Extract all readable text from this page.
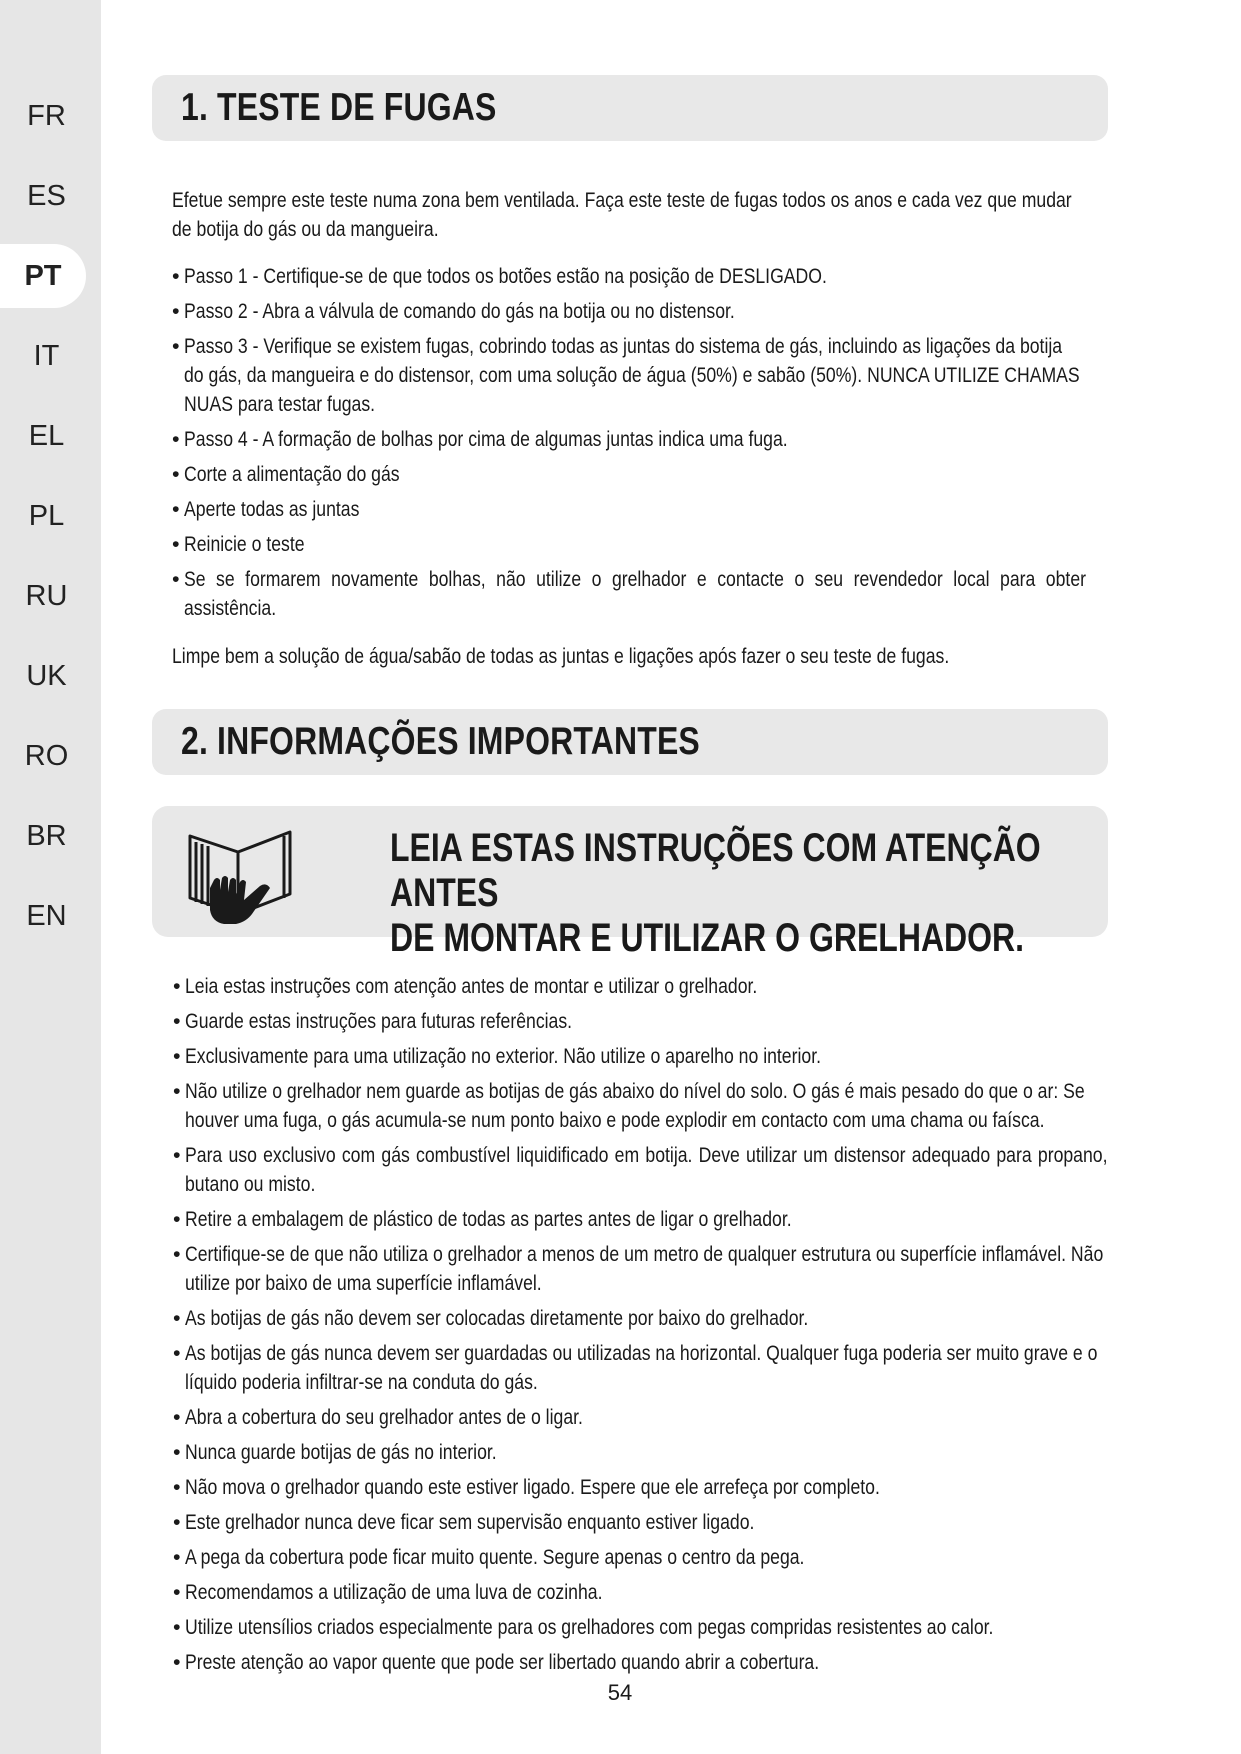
FR
ES
PT
IT
EL
PL
RU
UK
RO
BR
EN
1. TESTE DE FUGAS
Efetue sempre este teste numa zona bem ventilada. Faça este teste de fugas todos os anos e cada vez que mudar de botija do gás ou da mangueira.
• Passo 1 - Certifique-se de que todos os botões estão na posição de DESLIGADO.
• Passo 2 - Abra a válvula de comando do gás na botija ou no distensor.
• Passo 3 - Verifique se existem fugas, cobrindo todas as juntas do sistema de gás, incluindo as ligações da botija do gás, da mangueira e do distensor, com uma solução de água (50%) e sabão (50%). NUNCA UTILIZE CHAMAS NUAS para testar fugas.
• Passo 4 - A formação de bolhas por cima de algumas juntas indica uma fuga.
• Corte a alimentação do gás
• Aperte todas as juntas
• Reinicie o teste
• Se se formarem novamente bolhas, não utilize o grelhador e contacte o seu revendedor local para obter assistência.
Limpe bem a solução de água/sabão de todas as juntas e ligações após fazer o seu teste de fugas.
2. INFORMAÇÕES IMPORTANTES
LEIA ESTAS INSTRUÇÕES COM ATENÇÃO ANTES
DE MONTAR E UTILIZAR O GRELHADOR.
• Leia estas instruções com atenção antes de montar e utilizar o grelhador.
• Guarde estas instruções para futuras referências.
• Exclusivamente para uma utilização no exterior. Não utilize o aparelho no interior.
• Não utilize o grelhador nem guarde as botijas de gás abaixo do nível do solo. O gás é mais pesado do que o ar: Se houver uma fuga, o gás acumula-se num ponto baixo e pode explodir em contacto com uma chama ou faísca.
• Para uso exclusivo com gás combustível liquidificado em botija. Deve utilizar um distensor adequado para propano, butano ou misto.
• Retire a embalagem de plástico de todas as partes antes de ligar o grelhador.
• Certifique-se de que não utiliza o grelhador a menos de um metro de qualquer estrutura ou superfície inflamável. Não utilize por baixo de uma superfície inflamável.
• As botijas de gás não devem ser colocadas diretamente por baixo do grelhador.
• As botijas de gás nunca devem ser guardadas ou utilizadas na horizontal. Qualquer fuga poderia ser muito grave e o líquido poderia infiltrar-se na conduta do gás.
• Abra a cobertura do seu grelhador antes de o ligar.
• Nunca guarde botijas de gás no interior.
• Não mova o grelhador quando este estiver ligado. Espere que ele arrefeça por completo.
• Este grelhador nunca deve ficar sem supervisão enquanto estiver ligado.
• A pega da cobertura pode ficar muito quente. Segure apenas o centro da pega.
• Recomendamos a utilização de uma luva de cozinha.
• Utilize utensílios criados especialmente para os grelhadores com pegas compridas resistentes ao calor.
• Preste atenção ao vapor quente que pode ser libertado quando abrir a cobertura.
54
